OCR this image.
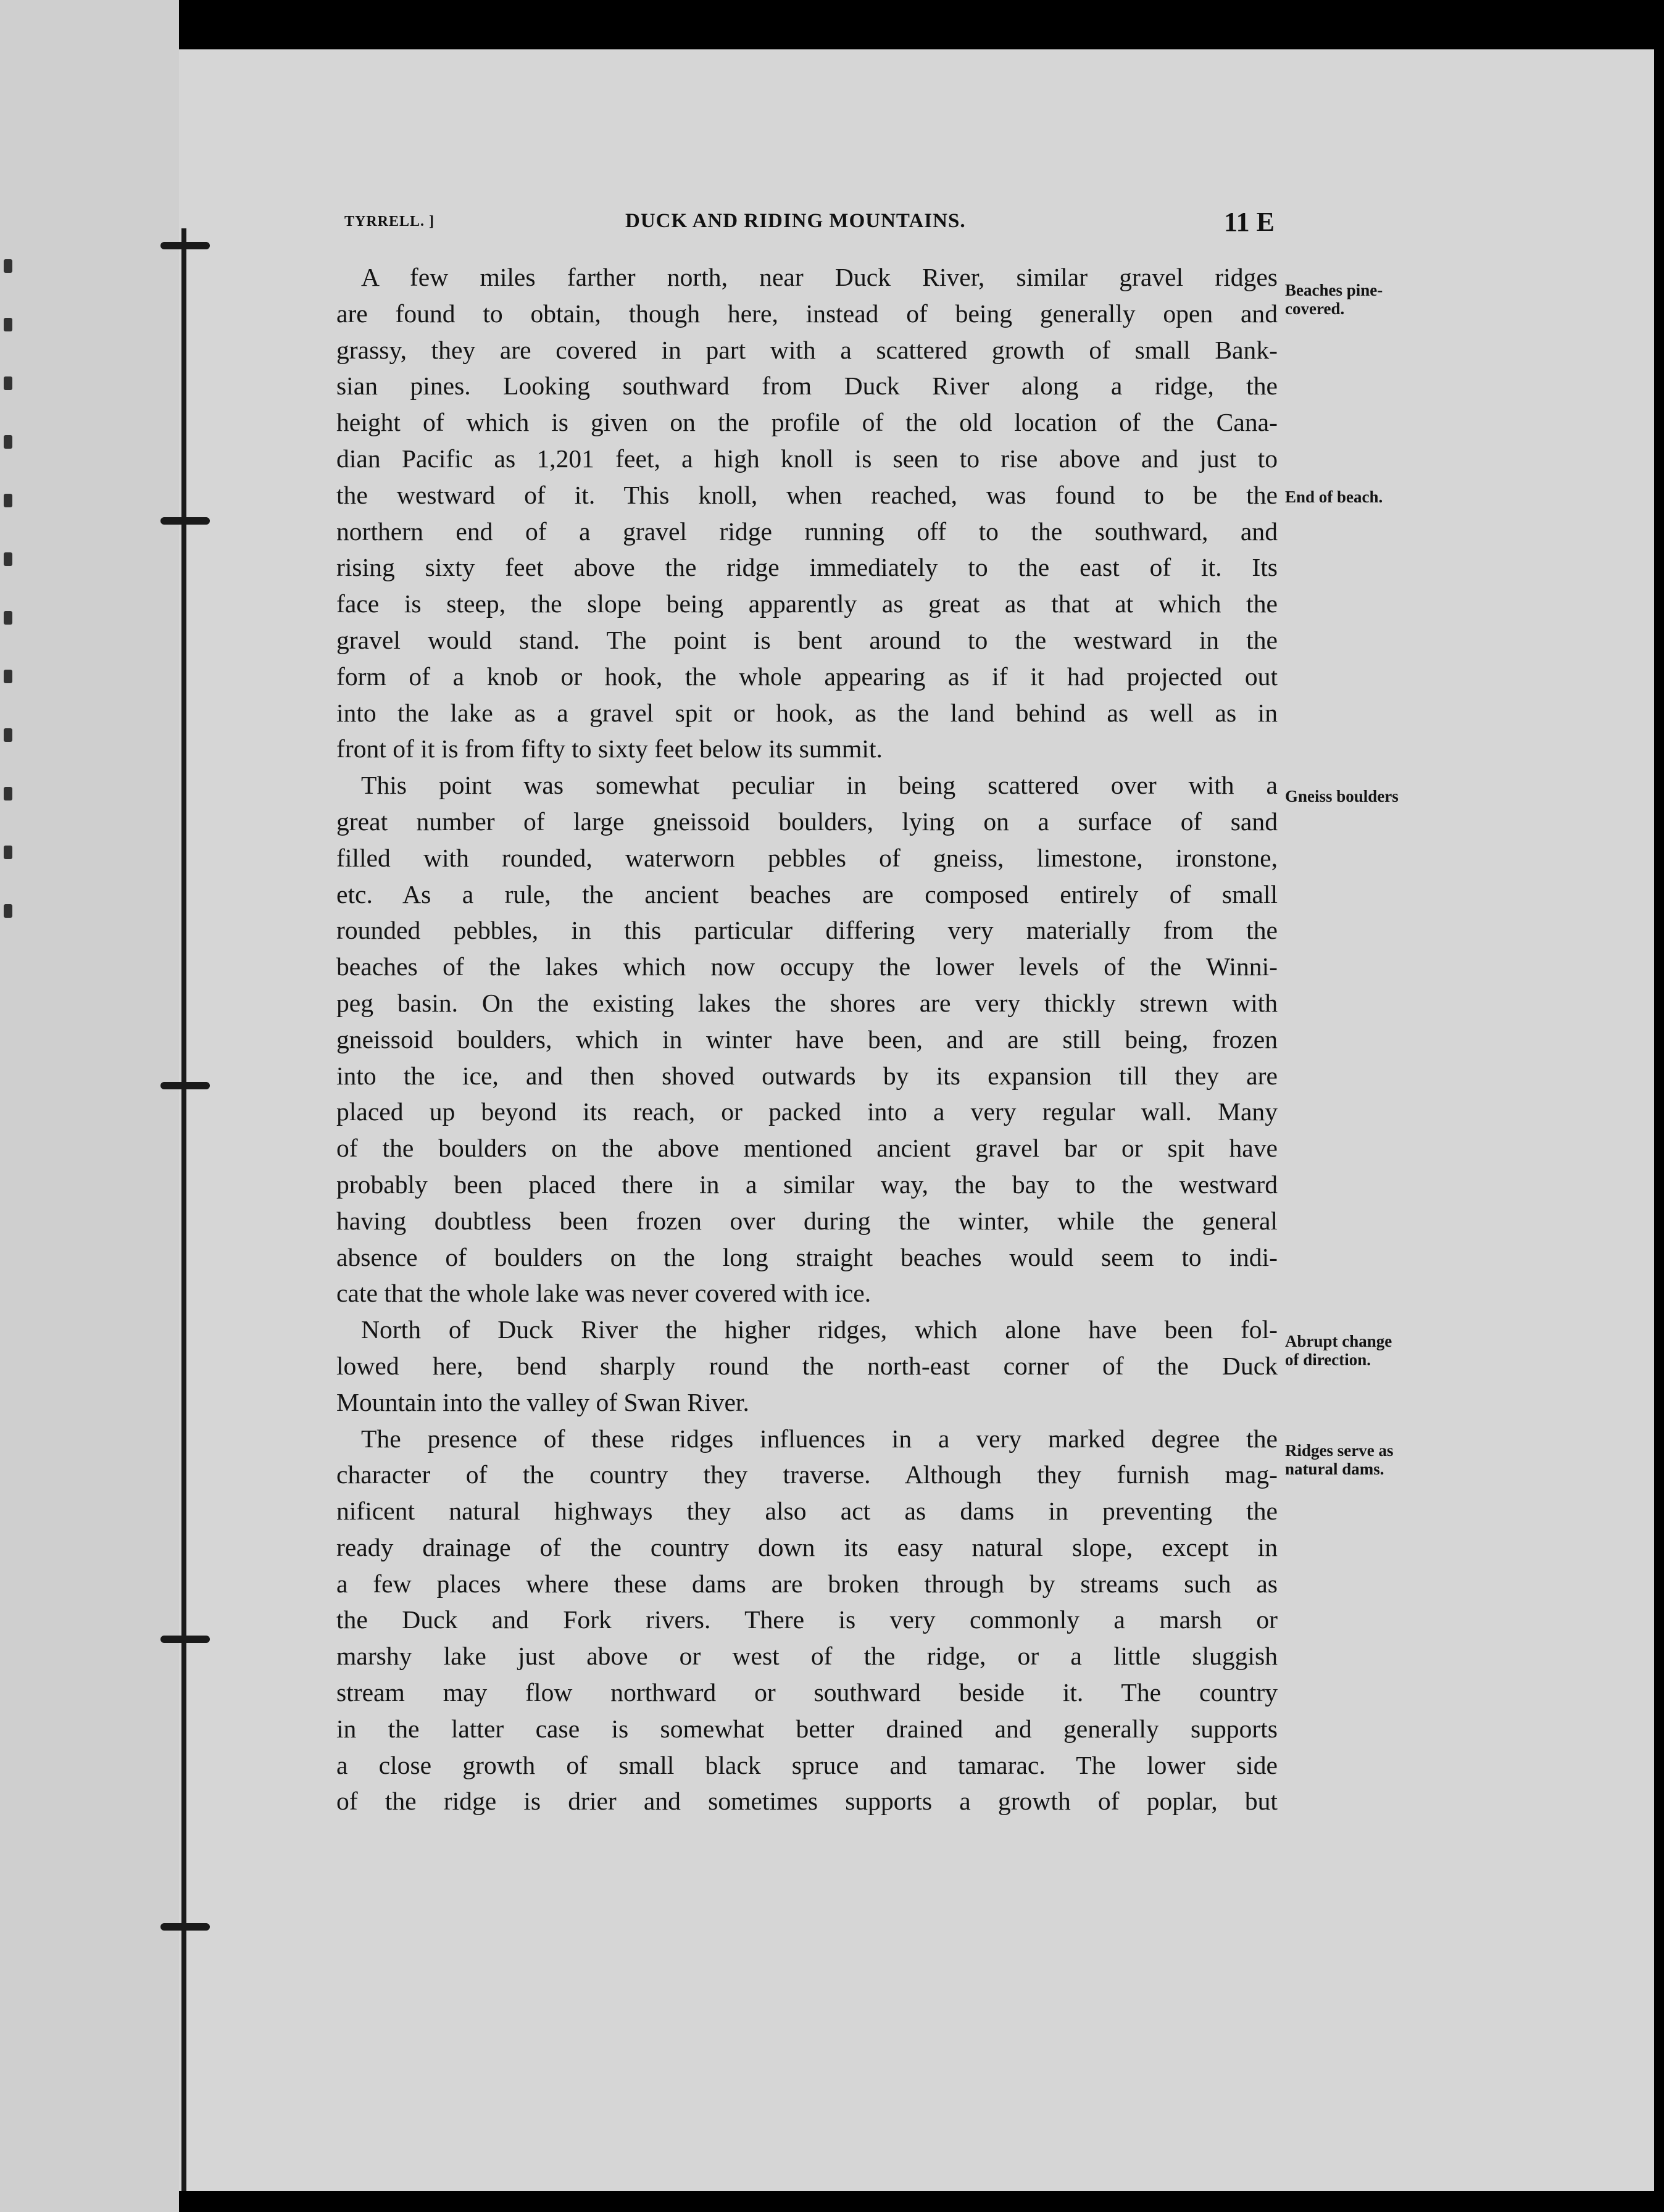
TYRRELL. ]	DUCK AND RIDING MOUNTAINS.	11 E
A few miles farther north, near Duck River, similar gravel ridges
are found to obtain, though here, instead of being generally open and
grassy, they are covered in part with a scattered growth of small Bank-
sian pines. Looking southward from Duck River along a ridge, the
height of which is given on the profile of the old location of the Cana-
dian Pacific as 1,201 feet, a high knoll is seen to rise above and just to
the westward of it. This knoll, when reached, was found to be the
northern end of a gravel ridge running off to the southward, and
rising sixty feet above the ridge immediately to the east of it. Its
face is steep, the slope being apparently as great as that at which the
gravel would stand. The point is bent around to the westward in the
form of a knob or hook, the whole appearing as if it had projected out
into the lake as a gravel spit or hook, as the land behind as well as in
front of it is from fifty to sixty feet below its summit.
This point was somewhat peculiar in being scattered over with a
great number of large gneissoid boulders, lying on a surface of sand
filled with rounded, waterworn pebbles of gneiss, limestone, ironstone,
etc. As a rule, the ancient beaches are composed entirely of small
rounded pebbles, in this particular differing very materially from the
beaches of the lakes which now occupy the lower levels of the Winni-
peg basin. On the existing lakes the shores are very thickly strewn with
gneissoid boulders, which in winter have been, and are still being, frozen
into the ice, and then shoved outwards by its expansion till they are
placed up beyond its reach, or packed into a very regular wall. Many
of the boulders on the above mentioned ancient gravel bar or spit have
probably been placed there in a similar way, the bay to the westward
having doubtless been frozen over during the winter, while the general
absence of boulders on the long straight beaches would seem to indi-
cate that the whole lake was never covered with ice.
North of Duck River the higher ridges, which alone have been fol-
lowed here, bend sharply round the north-east corner of the Duck
Mountain into the valley of Swan River.
The presence of these ridges influences in a very marked degree the
character of the country they traverse. Although they furnish mag-
nificent natural highways they also act as dams in preventing the
ready drainage of the country down its easy natural slope, except in
a few places where these dams are broken through by streams such as
the Duck and Fork rivers. There is very commonly a marsh or
marshy lake just above or west of the ridge, or a little sluggish
stream may flow northward or southward beside it. The country
in the latter case is somewhat better drained and generally supports
a close growth of small black spruce and tamarac. The lower side
of the ridge is drier and sometimes supports a growth of poplar, but
Beaches pine-
covered.
End of beach.
Gneiss boulders
Abrupt change
of direction.
Ridges serve as
natural dams.
